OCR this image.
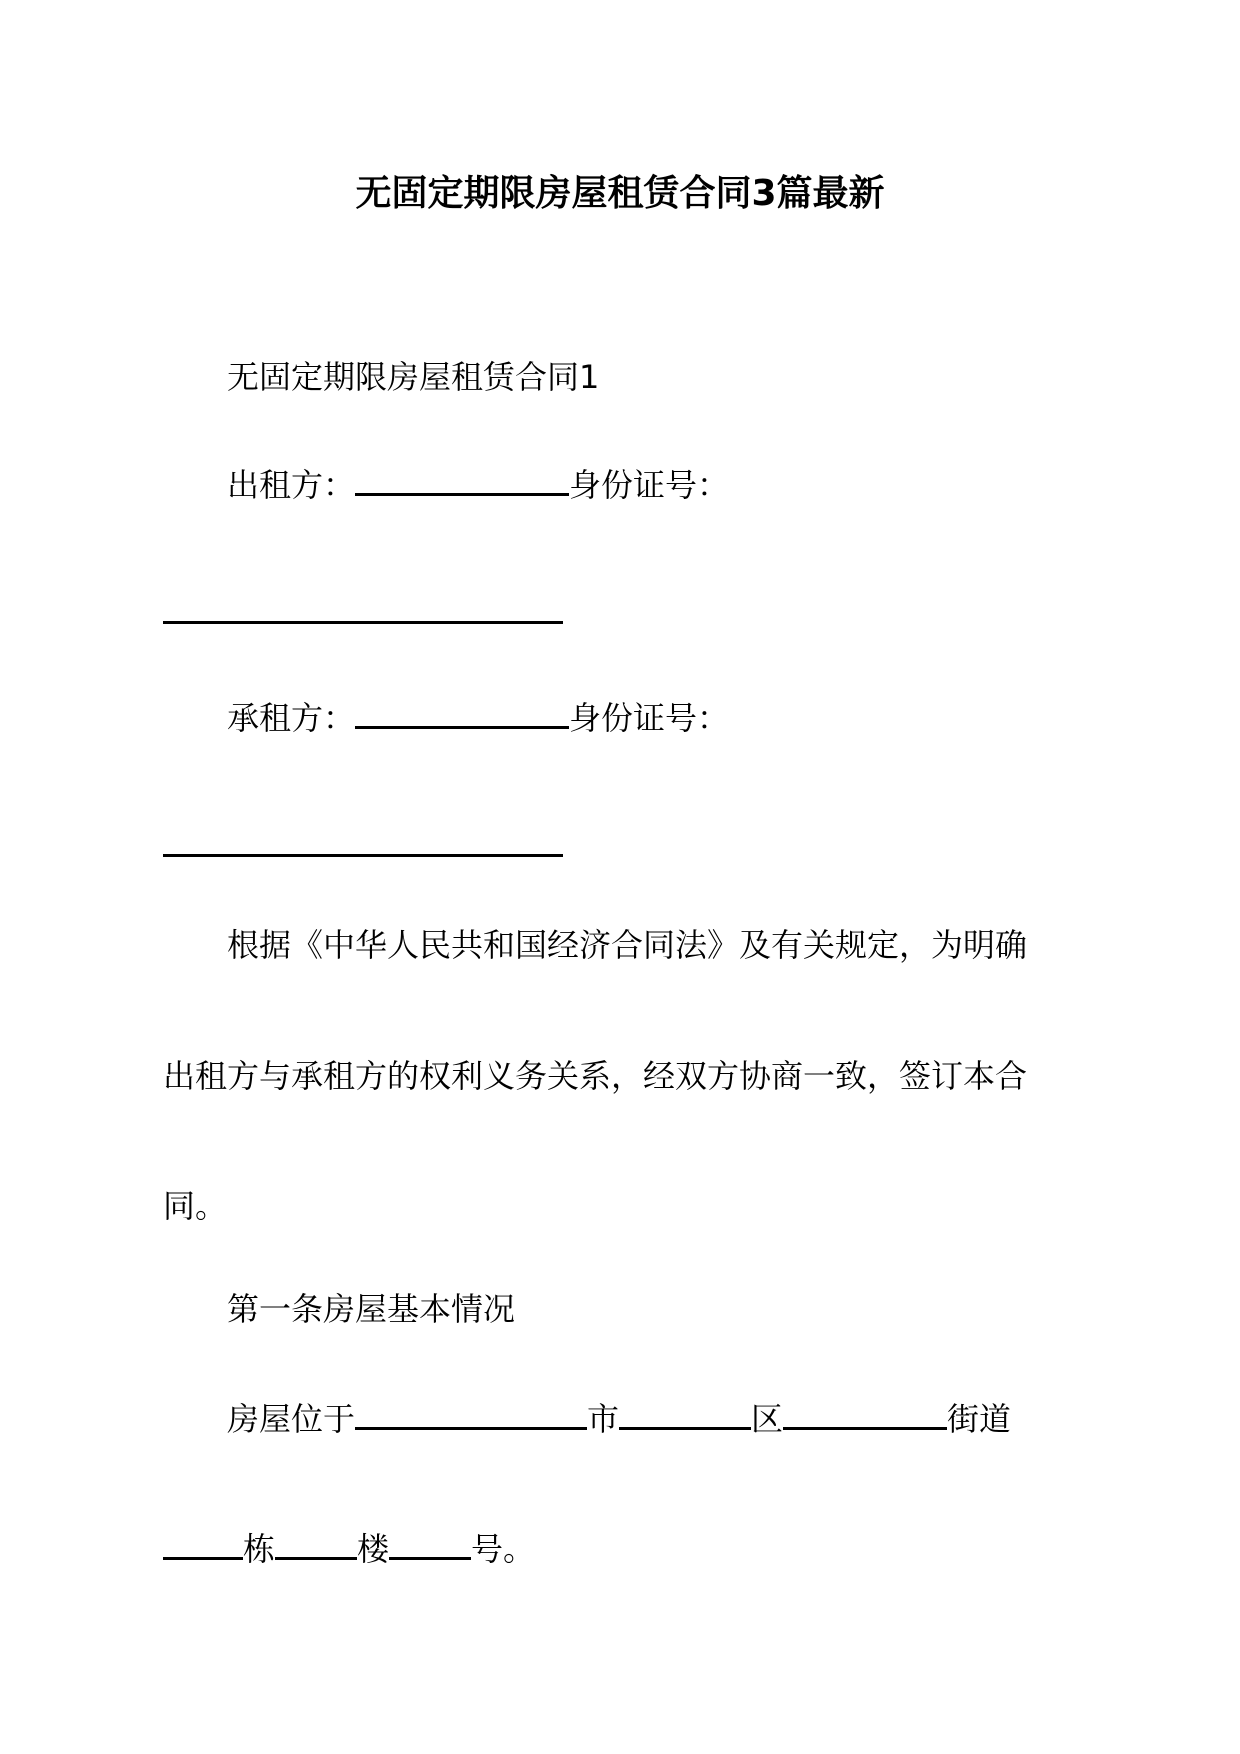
无固定期限房屋租赁合同3篇最新
无固定期限房屋租赁合同1
出租方：	身份证号：
承租方：	身份证号：
根据《中华人民共和国经济合同法》及有关规定，为明确
出租方与承租方的权利义务关系，经双方协商一致，签订本合
同。
第一条房屋基本情况
房屋位于	市	区	街道
栋	楼	号。
